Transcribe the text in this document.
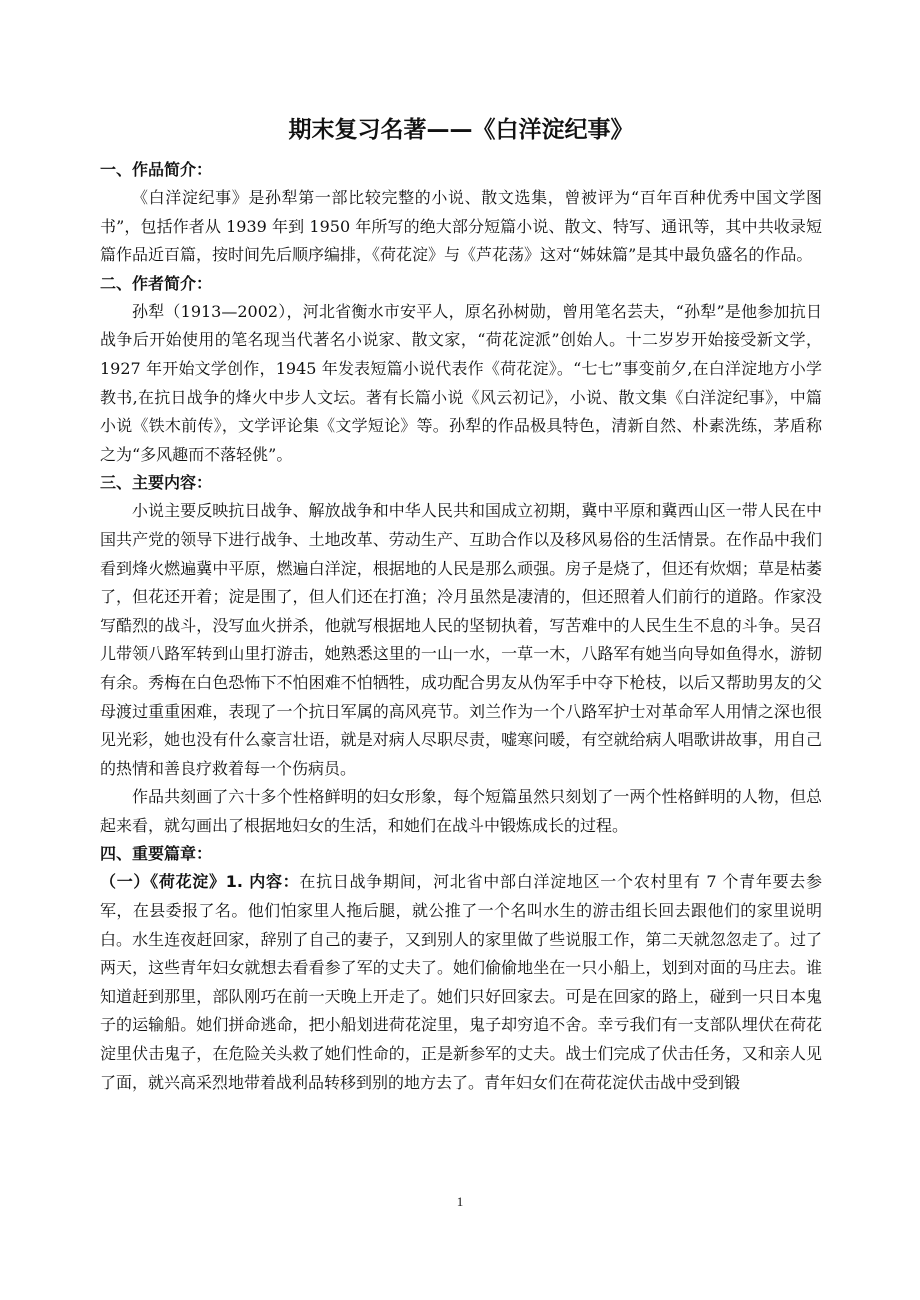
期末复习名著——《白洋淀纪事》

一、作品简介：

《白洋淀纪事》是孙犁第一部比较完整的小说、散文选集，曾被评为“百年百种优秀中国文学图书”，包括作者从 1939 年到 1950 年所写的绝大部分短篇小说、散文、特写、通讯等，其中共收录短篇作品近百篇，按时间先后顺序编排，《荷花淀》与《芦花荡》这对“姊妹篇”是其中最负盛名的作品。

二、作者简介：

孙犁（1913—2002），河北省衡水市安平人，原名孙树勋，曾用笔名芸夫，“孙犁”是他参加抗日战争后开始使用的笔名现当代著名小说家、散文家，“荷花淀派”创始人。十二岁岁开始接受新文学，1927 年开始文学创作，1945 年发表短篇小说代表作《荷花淀》。“七七”事变前夕,在白洋淀地方小学教书,在抗日战争的烽火中步人文坛。著有长篇小说《风云初记》，小说、散文集《白洋淀纪事》，中篇小说《铁木前传》，文学评论集《文学短论》等。孙犁的作品极具特色，清新自然、朴素洗练，茅盾称之为“多风趣而不落轻佻”。

三、主要内容：

小说主要反映抗日战争、解放战争和中华人民共和国成立初期，冀中平原和冀西山区一带人民在中国共产党的领导下进行战争、土地改革、劳动生产、互助合作以及移风易俗的生活情景。在作品中我们看到烽火燃遍冀中平原，燃遍白洋淀，根据地的人民是那么顽强。房子是烧了，但还有炊烟；草是枯萎了，但花还开着；淀是围了，但人们还在打渔；冷月虽然是凄清的，但还照着人们前行的道路。作家没写酷烈的战斗，没写血火拼杀，他就写根据地人民的坚韧执着，写苦难中的人民生生不息的斗争。吴召儿带领八路军转到山里打游击，她熟悉这里的一山一水，一草一木，八路军有她当向导如鱼得水，游韧有余。秀梅在白色恐怖下不怕困难不怕牺牲，成功配合男友从伪军手中夺下枪枝，以后又帮助男友的父母渡过重重困难，表现了一个抗日军属的高风亮节。刘兰作为一个八路军护士对革命军人用情之深也很见光彩，她也没有什么豪言壮语，就是对病人尽职尽责，嘘寒问暖，有空就给病人唱歌讲故事，用自己的热情和善良疗救着每一个伤病员。

作品共刻画了六十多个性格鲜明的妇女形象，每个短篇虽然只刻划了一两个性格鲜明的人物，但总起来看，就勾画出了根据地妇女的生活，和她们在战斗中锻炼成长的过程。

四、重要篇章：

（一）《荷花淀》1. 内容：在抗日战争期间，河北省中部白洋淀地区一个农村里有 7 个青年要去参军，在县委报了名。他们怕家里人拖后腿，就公推了一个名叫水生的游击组长回去跟他们的家里说明白。水生连夜赶回家，辞别了自己的妻子，又到别人的家里做了些说服工作，第二天就忽忽走了。过了两天，这些青年妇女就想去看看参了军的丈夫了。她们偷偷地坐在一只小船上，划到对面的马庄去。谁知道赶到那里，部队刚巧在前一天晚上开走了。她们只好回家去。可是在回家的路上，碰到一只日本鬼子的运输船。她们拼命逃命，把小船划进荷花淀里，鬼子却穷追不舍。幸亏我们有一支部队埋伏在荷花淀里伏击鬼子，在危险关头救了她们性命的，正是新参军的丈夫。战士们完成了伏击任务，又和亲人见了面，就兴高采烈地带着战利品转移到别的地方去了。青年妇女们在荷花淀伏击战中受到锻

1
